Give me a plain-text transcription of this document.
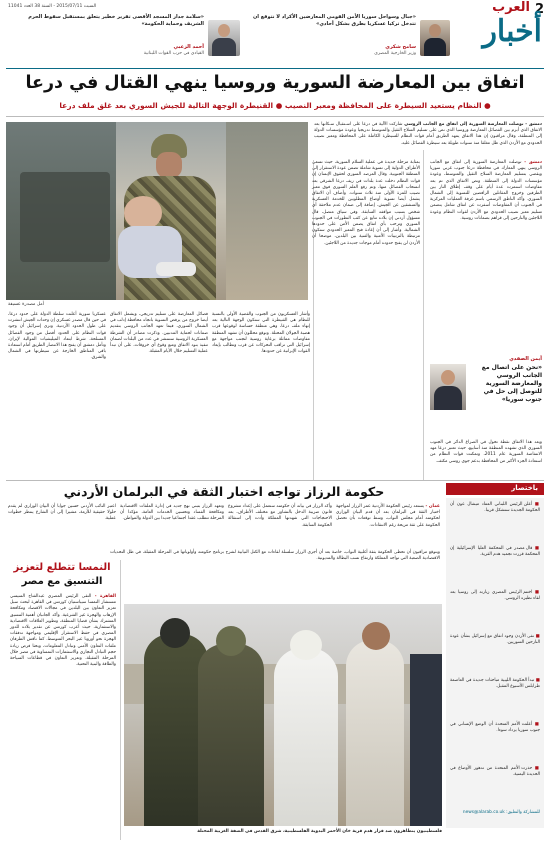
2
العرب
أخبار
السبت 2015/07/11 - السنة 38 العدد 11041
«جبال وسواحل سوريا الأمن القومي المعارضين الأكراد لا نتوقع ان تتدخل تركيا عسكريا بطرق بشكل أحادي»
سامح شكري
وزير الخارجية المصري
«سلامة جدار المسجد الأقصى تقرير خطير يتعلق بمستقبل سقوط الحرم الشريف وحماية الحكومة»
أحمد الزعبي
القيادي في حزب القوات اللبنانية
اتفاق بين المعارضة السورية وروسيا ينهي القتال في درعا
● النظام يستعيد السيطرة على المحافظة ومعبر النصيب ● القنيطرة الوجهة التالية للجيش السوري بعد غلق ملف درعا
أمل مصدرة عسيفة
دمشق - توصلت المعارضة السورية إلى اتفاق مع الجانب الروسي شاركت الآلية في درعا على اسـتقبال سـكانها بعد الاتفاق الذي أبرم بين الفصائل المعارضة وروسيا الذي نص على تسليم السلاح الثقيل والمتوسط تدريجيا وعودة مؤسسات الدولة إلى المنطقة، وقال مراقبون إن هذا الاتفاق يمهد الطريق أمام قوات النظام للسيطرة الكاملة على المحافظة ومعبر نصيب الحدودي مع الأردن الذي ظل مغلقا منذ سنوات طويلة بعد سيطرة الفصائل عليه.
دمشق - توصلت المعارضة السورية إلى اتفاق مع الجانب الروسي ينهي المعارك في محافظة درعا جنوب غربي سوريا ويقضي بتسليم المعارضة السلاح الثقيل والمتوسط، وعودة مؤسسات الدولة إلى المنطقة. ونص الاتفاق الذي تم بعد مفاوضات استمرت عدة أيام على وقف إطلاق النار بين الطرفين وخروج المقاتلين الرافضين للتسوية إلى الشمال السوري. وأكد الناطق الرسمي باسم غرفة العمليات المركزية في الجنوب أن المفاوضات أسفرت عن اتفاق شامل يتضمن تسليم معبر نصيب الحدودي مع الأردن لقوات النظام وعودة اللاجئين والنازحين إلى قراهم بضمانات روسية.
أيمن الصفدي
«نحن على اتصال مع الجانب الروسي والمعارضة السورية للتوصل إلى حل في جنوب سوريا»
ويعد هذا الاتفاق نقطة تحول في الصراع الدائر في الجنوب السوري الذي تشهده المنطقة منذ أسابيع، حيث تعتبر درعا مهد الانتفاضة السورية عام 2011، وتمكنت قوات النظام من استعادة الجزء الأكبر من المحافظة بدعم جوي روسي مكثف.
بمثابة مرحلة جديدة في عملية السلام السورية، حيث تسعى الأطراف الدولية إلى تسوية شاملة تضمن عودة الاستقرار إلى المنطقة الجنوبية. وقال المرصد السوري لحقوق الإنسان إن قوات النظام دخلت عدة بلدات في ريف درعا الشرقي بعد انسحاب الفصائل منها، وتم رفع العلم السوري فوق معبر نصيب للمرة الأولى منذ ثلاث سنوات. وأضاف أن الاتفاق يشمل أيضا تسوية أوضاع المطلوبين للخدمة العسكرية والمنشقين عن الجيش، إضافة إلى ضمان عدم ملاحقة أي شخص بسبب مواقفه السابقة. وفي سياق متصل، قال مسؤول أردني إن بلاده تتابع عن كثب التطورات في الجنوب السوري وترحب بأي اتفاق يضمن الأمن على حدودها الشمالية. وأشار إلى أن إعادة فتح المعبر الحدودي ستكون مرتبطة بالترتيبات الأمنية والفنية بين البلدين، موضحا أن الأردن لن يفتح حدوده أمام موجات جديدة من اللاجئين.
وأشار العسكريون من الجنوب والقضية الأولى بالنسبة للنظام هي القنيطرة التي ستكون الوجهة التالية بعد إنهاء ملف درعا، وهي منطقة حساسة لوقوعها قرب هضبة الجولان المحتلة. وتوقع محللون أن تشهد المنطقة مفاوضات مماثلة برعاية روسية لتجنب مواجهة مع إسرائيل التي تراقب التحركات عن قرب وتطالب بإبعاد القوات الإيرانية عن حدودها.
فصائل المعارضة على تسليم تدريجي، ويشمل الاتفاق أيضا خروج من يرفض التسوية باتجاه محافظة إدلب في الشمال السوري، فيما تعهد الجانب الروسي بتقديم ضمانات لحماية المدنيين. وذكرت مصادر أن الشرطة العسكرية الروسية ستنتشر في عدد من البلدات لضمان تنفيذ بنود الاتفاق ومنع وقوع أي خروقات، على أن تبدأ عملية التسليم خلال الأيام المقبلة.
عسكريا سورية أعلنت سلطة الدولة على حدود درعا، في حين قال مصدر عسكري إن وحدات الجيش انتشرت على طول الحدود الأردنية. وترى إسرائيل أن وجود قوات النظام على الحدود أفضل من وجود الفصائل المسلحة، شرط ابتعاد الميليشيات الموالية لإيران. وتأمل دمشق أن يفتح هذا الانتصار الطريق أمام استعادة باقي المناطق الخارجة عن سيطرتها في الشمال والشرق.
باختصار
حكومة الرزاز تواجه اختبار الثقة في البرلمان الأردني
عمان - يستعد رئيس الحكومة الأردنية عمر الرزاز لمواجهة اختبار الثقة في البرلمان بعد أن قدم البيان الوزاري لحكومته أمام مجلس النواب، وسط توقعات بأن تحصل الحكومة على ثقة مريحة رغم الانتقادات.
وأكد الرزاز في بيانه أن حكومته ستعمل على إعداد مشروع قانون ضريبة الدخل بالتشاور مع مختلف الأطراف، بعد الاحتجاجات التي شهدتها المملكة وأدت إلى استقالة الحكومة السابقة.
وتعهد الرزاز بتبني نهج جديد في إدارة الملفات الاقتصادية ومكافحة الفساد وتحسين الخدمات العامة، مؤكدا أن المرحلة تتطلب عقدا اجتماعيا جديدا بين الدولة والمواطن.
اعتبر النائب الأردني حسين جوابا أن البيان الوزاري لم يقدم حلولا حقيقية للأزمة، مشيرا إلى أن الشارع ينتظر خطوات عملية.
النمسا تتطلع لتعزيز
التنسيق مع مصر
القاهرة - التقى الرئيس المصري عبدالفتاح السيسي مستشار النمسا سيباستيان كورتس في القاهرة لبحث سبل تعزيز التعاون بين البلدين في مجالات الاقتصاد ومكافحة الإرهاب والهجرة غير الشرعية. وأكد الجانبان أهمية التنسيق المشترك بشأن قضايا المنطقة، وتطوير العلاقات الاقتصادية والاستثمارية، حيث أعرب كورتس عن تقدير بلاده للدور المصري في حفظ الاستقرار الإقليمي ومواجهة تدفقات الهجرة نحو أوروبا عبر البحر المتوسط. كما ناقش الطرفان ملفات التعاون الأمني وتبادل المعلومات، وبحثا فرص زيادة حجم التبادل التجاري والاستثمارات النمساوية في مصر خلال المرحلة المقبلة، وتعزيز التعاون في قطاعات السياحة والطاقة والبنية التحتية.
فلسطينيون يتظاهرون ضد قرار هدم قرية خان الأحمر البدوية الفلسطينية، شرق القدس في الضفة الغربية المحتلة
ويتوقع مراقبون أن تحظى الحكومة بثقة أغلبية النواب، خاصة بعد أن أجرى الرزاز سلسلة لقاءات مع الكتل النيابية لشرح برنامج حكومته وأولوياتها في المرحلة المقبلة، في ظل التحديات الاقتصادية الصعبة التي تواجه المملكة وارتفاع نسب البطالة والمديونية.
■ أعلن الرئيس اللبناني العماد ميشال عون أن الحكومة الجديدة ستشكل قريبا.
■ قال مصدر في المحكمة العليا الإسرائيلية إن المحكمة قررت تجميد هدم القرية.
■ اختتم الرئيس المصري زيارته إلى روسيا بعد لقاء نظيره الروسي.
■ نفى الأردن وجود اتفاق مع إسرائيل بشأن عودة النازحين السوريين.
■ تبدأ الحكومة الليبية مباحثات جديدة في العاصمة طرابلس الأسبوع المقبل.
■ أعلنت الأمم المتحدة أن الوضع الإنساني في جنوب سوريا يزداد سوءا.
■ حذرت الأمم المتحدة من تدهور الأوضاع في الحديدة اليمنية.
للمشاركة والتعليق: news@alarab.co.uk
